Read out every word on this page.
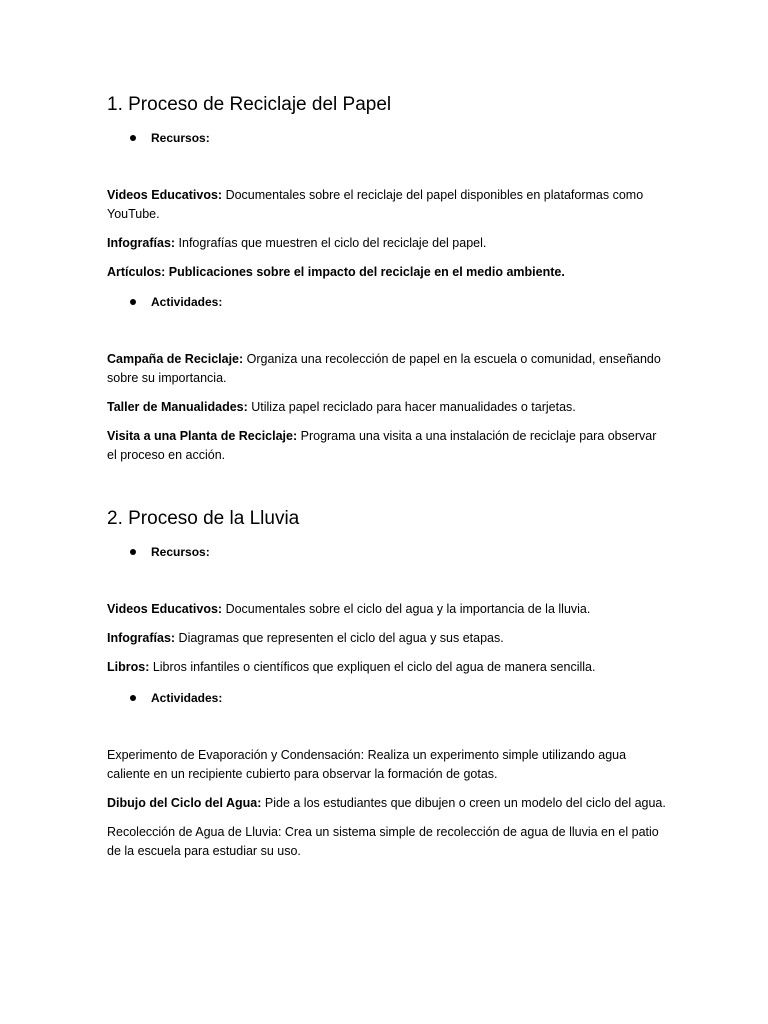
1. Proceso de Reciclaje del Papel
Recursos:

Videos Educativos: Documentales sobre el reciclaje del papel disponibles en plataformas como YouTube.

Infografías: Infografías que muestren el ciclo del reciclaje del papel.

Artículos: Publicaciones sobre el impacto del reciclaje en el medio ambiente.

Actividades:

Campaña de Reciclaje: Organiza una recolección de papel en la escuela o comunidad, enseñando sobre su importancia.

Taller de Manualidades: Utiliza papel reciclado para hacer manualidades o tarjetas.

Visita a una Planta de Reciclaje: Programa una visita a una instalación de reciclaje para observar el proceso en acción.

2. Proceso de la Lluvia
Recursos:

Videos Educativos: Documentales sobre el ciclo del agua y la importancia de la lluvia.

Infografías: Diagramas que representen el ciclo del agua y sus etapas.

Libros: Libros infantiles o científicos que expliquen el ciclo del agua de manera sencilla.

Actividades:

Experimento de Evaporación y Condensación: Realiza un experimento simple utilizando agua caliente en un recipiente cubierto para observar la formación de gotas.

Dibujo del Ciclo del Agua: Pide a los estudiantes que dibujen o creen un modelo del ciclo del agua.

Recolección de Agua de Lluvia: Crea un sistema simple de recolección de agua de lluvia en el patio de la escuela para estudiar su uso.
